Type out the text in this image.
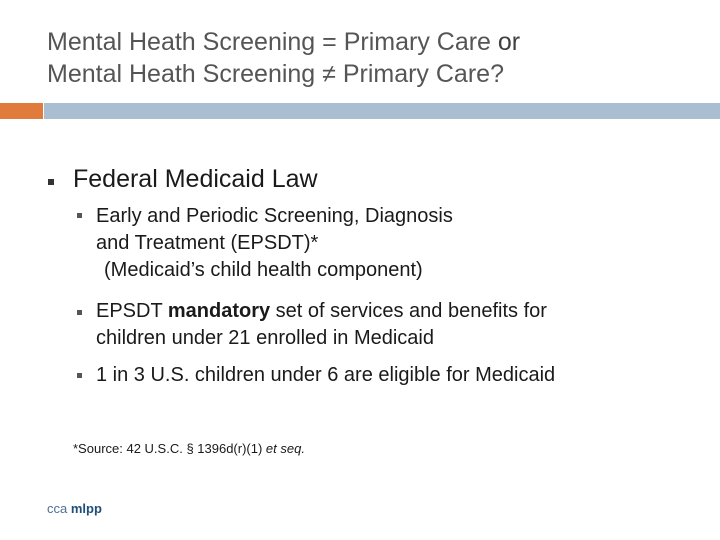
Mental Heath Screening = Primary Care or
Mental Heath Screening ≠ Primary Care?
Federal Medicaid Law
Early and Periodic Screening, Diagnosis
and Treatment (EPSDT)*
(Medicaid’s child health component)
EPSDT mandatory set of services and benefits for
children under 21 enrolled in Medicaid
1 in 3 U.S. children under 6 are eligible for Medicaid
*Source: 42 U.S.C. § 1396d(r)(1) et seq.
cca mlpp
